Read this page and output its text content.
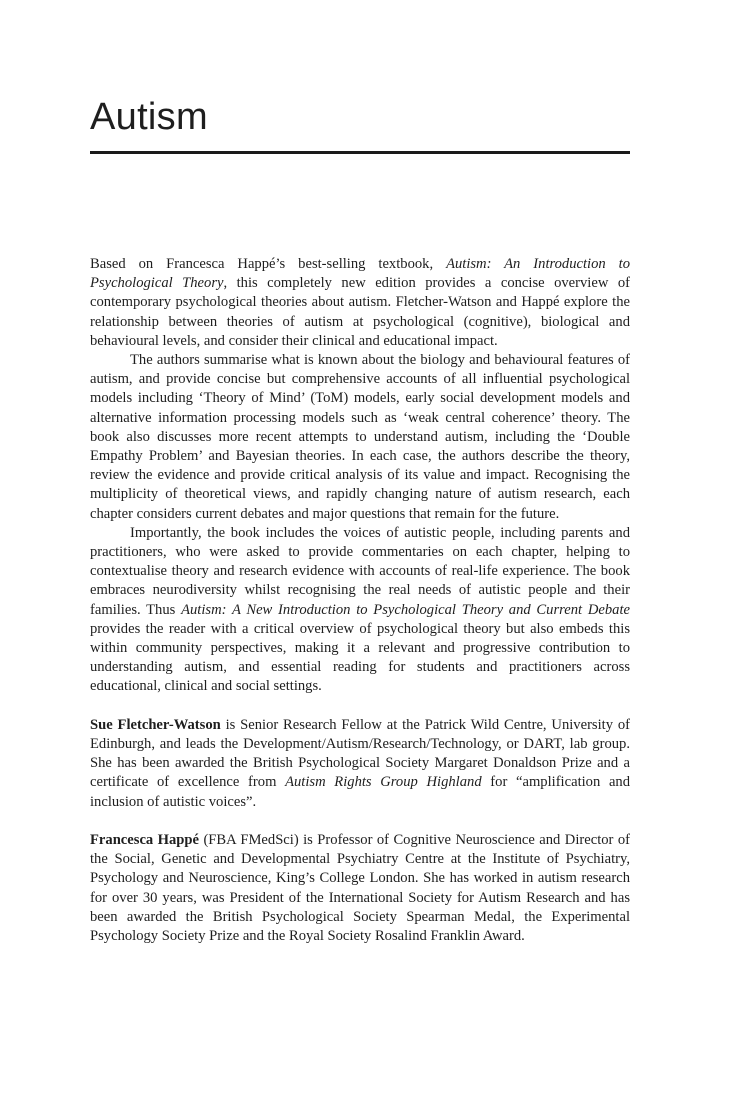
Autism

Based on Francesca Happé’s best-selling textbook, Autism: An Introduction to Psychological Theory, this completely new edition provides a concise overview of contemporary psychological theories about autism. Fletcher-Watson and Happé explore the relationship between theories of autism at psychological (cognitive), biological and behavioural levels, and consider their clinical and educational impact.

The authors summarise what is known about the biology and behavioural features of autism, and provide concise but comprehensive accounts of all influential psychological models including ‘Theory of Mind’ (ToM) models, early social development models and alternative information processing models such as ‘weak central coherence’ theory. The book also discusses more recent attempts to understand autism, including the ‘Double Empathy Problem’ and Bayesian theories. In each case, the authors describe the theory, review the evidence and provide critical analysis of its value and impact. Recognising the multiplicity of theoretical views, and rapidly changing nature of autism research, each chapter considers current debates and major questions that remain for the future.

Importantly, the book includes the voices of autistic people, including parents and practitioners, who were asked to provide commentaries on each chapter, helping to contextualise theory and research evidence with accounts of real-life experience. The book embraces neurodiversity whilst recognising the real needs of autistic people and their families. Thus Autism: A New Introduction to Psychological Theory and Current Debate provides the reader with a critical overview of psychological theory but also embeds this within community perspectives, making it a relevant and progressive contribution to understanding autism, and essential reading for students and practitioners across educational, clinical and social settings.

Sue Fletcher-Watson is Senior Research Fellow at the Patrick Wild Centre, University of Edinburgh, and leads the Development/Autism/Research/Technology, or DART, lab group. She has been awarded the British Psychological Society Margaret Donaldson Prize and a certificate of excellence from Autism Rights Group Highland for “amplification and inclusion of autistic voices”.

Francesca Happé (FBA FMedSci) is Professor of Cognitive Neuroscience and Director of the Social, Genetic and Developmental Psychiatry Centre at the Institute of Psychiatry, Psychology and Neuroscience, King’s College London. She has worked in autism research for over 30 years, was President of the International Society for Autism Research and has been awarded the British Psychological Society Spearman Medal, the Experimental Psychology Society Prize and the Royal Society Rosalind Franklin Award.
